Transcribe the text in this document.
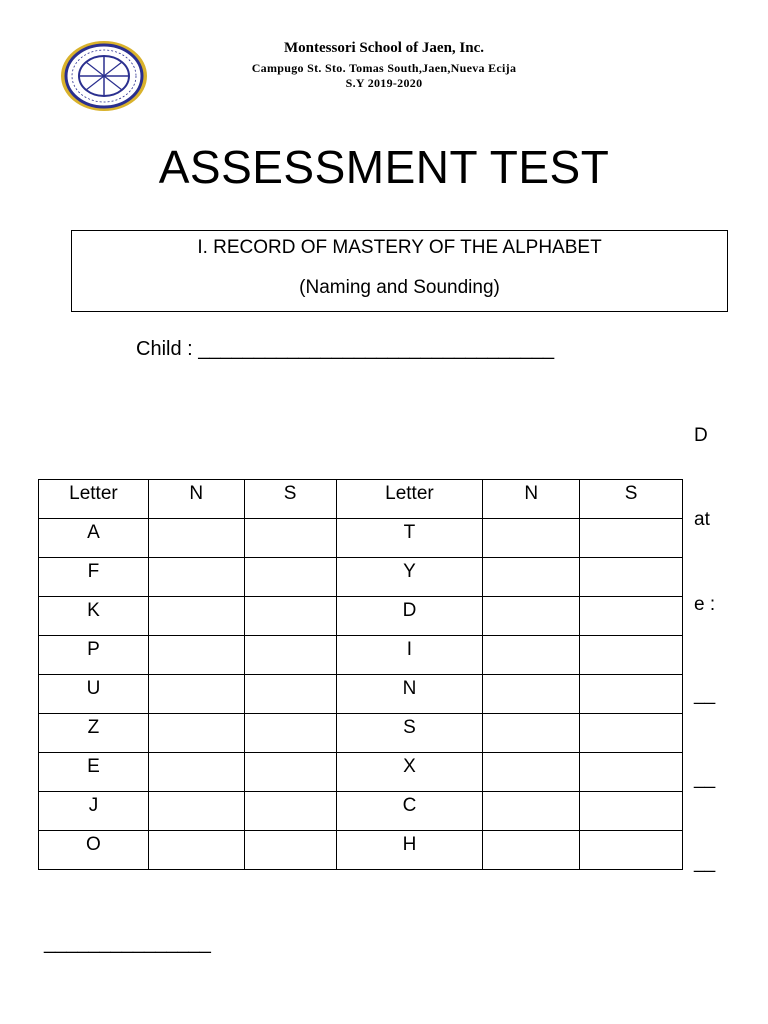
Montessori School of Jaen, Inc.
Campugo St. Sto. Tomas South,Jaen,Nueva Ecija
S.Y 2019-2020
ASSESSMENT TEST
I. RECORD OF MASTERY OF THE ALPHABET
(Naming and Sounding)
Child : ________________________________
D
at
e :
__
__
__
Letter	N	S	Letter	N	S
A			T		
F			Y		
K			D		
P			I		
U			N		
Z			S		
E			X		
J			C		
O			H		
_______________
